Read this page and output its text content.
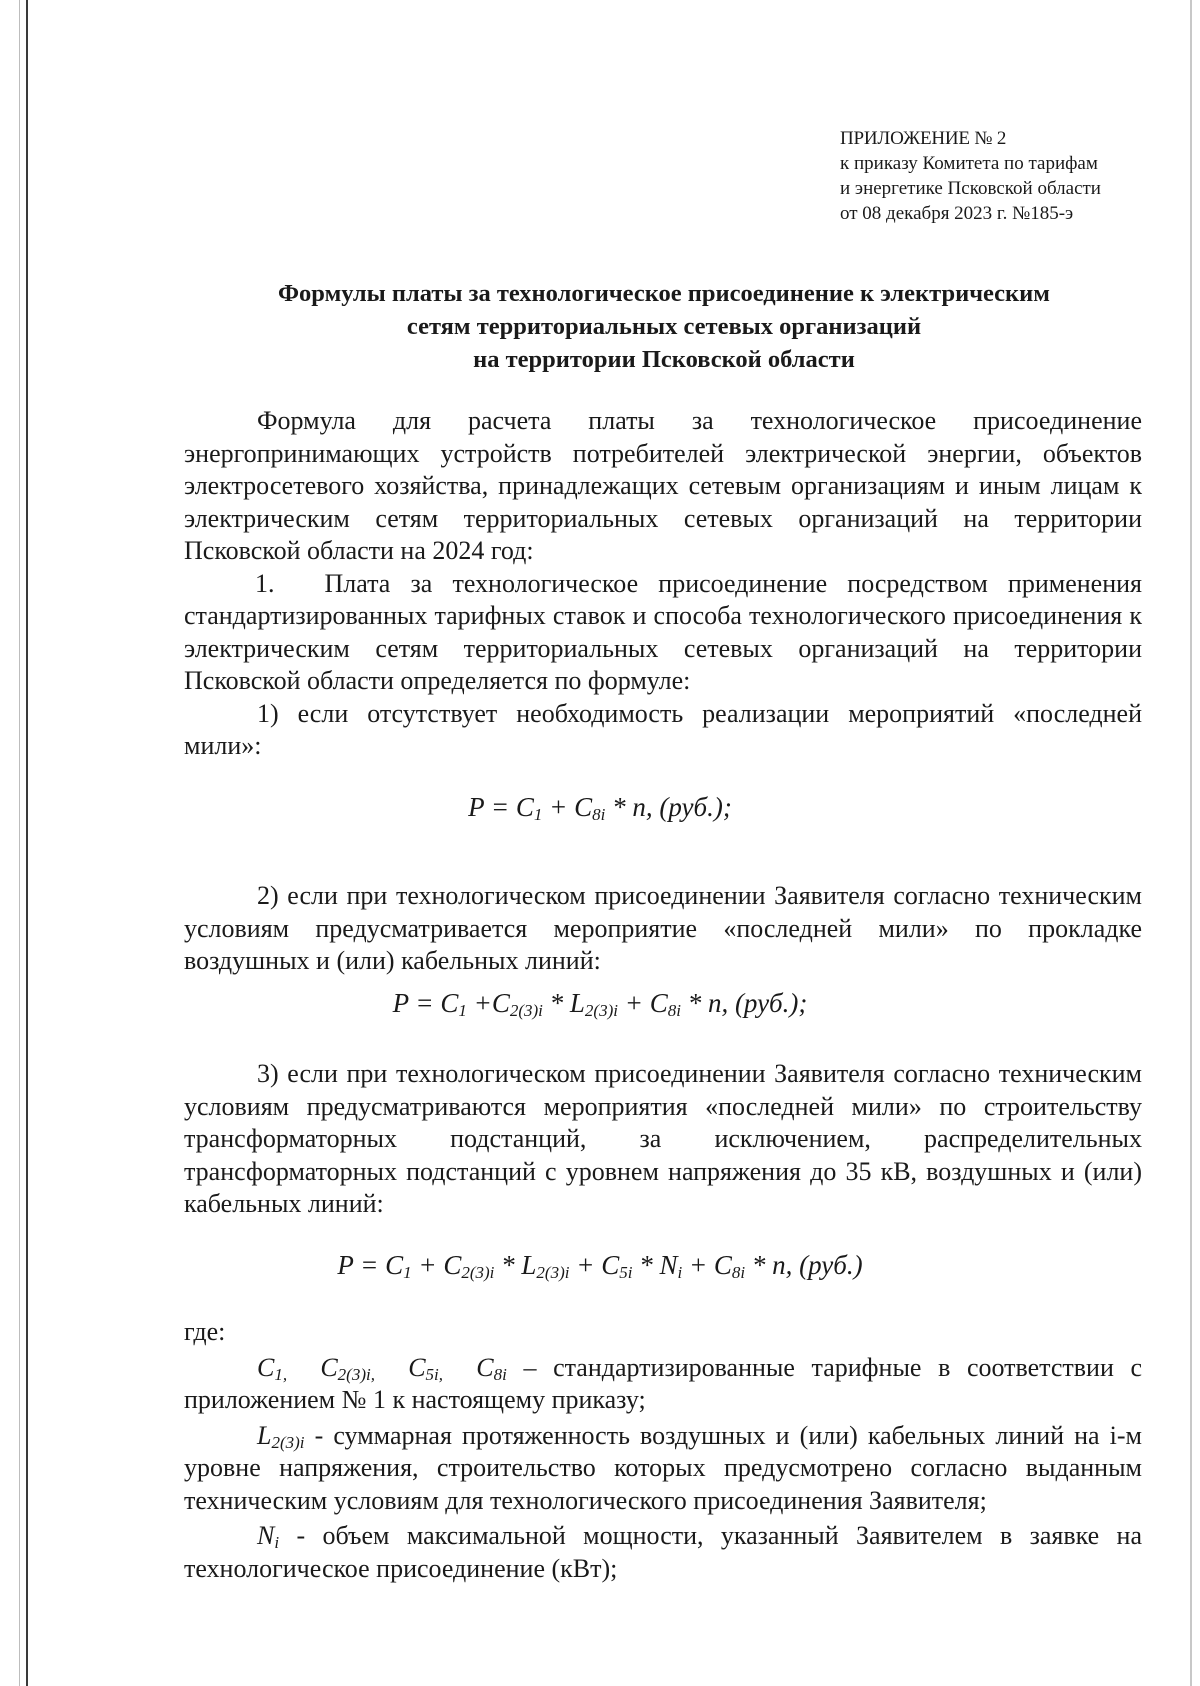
ПРИЛОЖЕНИЕ № 2
к приказу Комитета по тарифам
и энергетике Псковской области
от 08 декабря 2023 г. №185-э
Формулы платы за технологическое присоединение к электрическим
сетям территориальных сетевых организаций
на территории Псковской области

Формула для расчета платы за технологическое присоединение энергопринимающих устройств потребителей электрической энергии, объектов электросетевого хозяйства, принадлежащих сетевым организациям и иным лицам к электрическим сетям территориальных сетевых организаций на территории Псковской области на 2024 год:

1. Плата за технологическое присоединение посредством применения стандартизированных тарифных ставок и способа технологического присоединения к электрическим сетям территориальных сетевых организаций на территории Псковской области определяется по формуле:

1) если отсутствует необходимость реализации мероприятий «последней мили»:

$P = C_1 + C_{8i} * n$, (руб.);

2) если при технологическом присоединении Заявителя согласно техническим условиям предусматривается мероприятие «последней мили» по прокладке воздушных и (или) кабельных линий:

$P = C_1 +C_{2(3)i} * L_{2(3)i} + C_{8i} * n$, (руб.);

3) если при технологическом присоединении Заявителя согласно техническим условиям предусматриваются мероприятия «последней мили» по строительству трансформаторных подстанций, за исключением, распределительных трансформаторных подстанций с уровнем напряжения до 35 кВ, воздушных и (или) кабельных линий:

$P = C_1 + C_{2(3)i} * L_{2(3)i} + C_{5i} * N_i + C_{8i} * n$, (руб.)

где:

$C_{1,}$  $C_{2(3)i,}$  $C_{5i,}$  $C_{8i}$ – стандартизированные тарифные в соответствии с приложением № 1 к настоящему приказу;

$L_{2(3)i}$ - суммарная протяженность воздушных и (или) кабельных линий на i-м уровне напряжения, строительство которых предусмотрено согласно выданным техническим условиям для технологического присоединения Заявителя;

$N_i$ - объем максимальной мощности, указанный Заявителем в заявке на технологическое присоединение (кВт);
